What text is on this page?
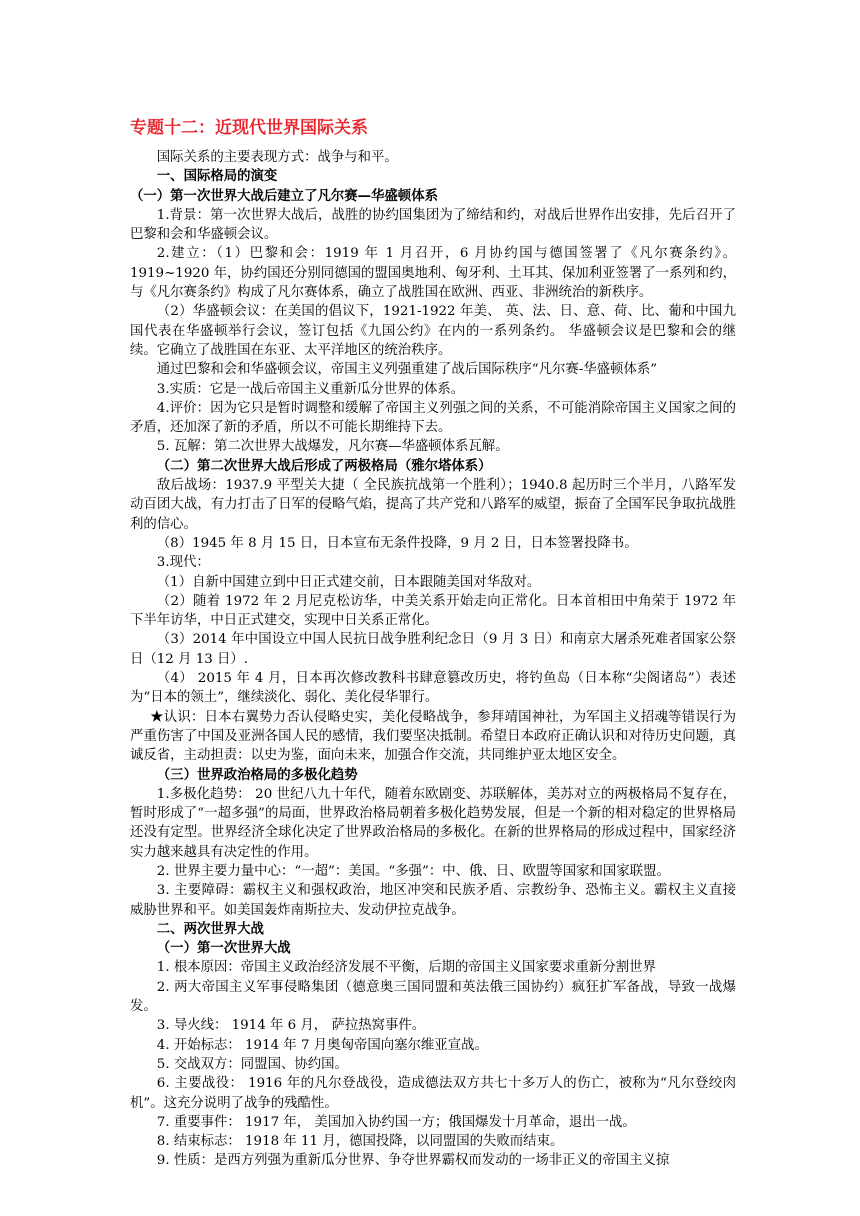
专题十二：近现代世界国际关系

国际关系的主要表现方式：战争与和平。

一、国际格局的演变

（一）第一次世界大战后建立了凡尔赛—华盛顿体系

1.背景：第一次世界大战后，战胜的协约国集团为了缔结和约，对战后世界作出安排，先后召开了巴黎和会和华盛顿会议。

2.建立：（1）巴黎和会：1919 年 1 月召开，6 月协约国与德国签署了《凡尔赛条约》。1919~1920 年，协约国还分别同德国的盟国奥地利、匈牙利、土耳其、保加利亚签署了一系列和约，与《凡尔赛条约》构成了凡尔赛体系，确立了战胜国在欧洲、西亚、非洲统治的新秩序。

（2）华盛顿会议：在美国的倡议下，1921-1922 年美、 英、法、日、意、荷、比、葡和中国九国代表在华盛顿举行会议，签订包括《九国公约》在内的一系列条约。 华盛顿会议是巴黎和会的继续。它确立了战胜国在东亚、太平洋地区的统治秩序。

通过巴黎和会和华盛顿会议，帝国主义列强重建了战后国际秩序“凡尔赛-华盛顿体系”

3.实质：它是一战后帝国主义重新瓜分世界的体系。

4.评价：因为它只是暂时调整和缓解了帝国主义列强之间的关系，不可能消除帝国主义国家之间的矛盾，还加深了新的矛盾，所以不可能长期维持下去。

5. 瓦解：第二次世界大战爆发，凡尔赛—华盛顿体系瓦解。

（二）第二次世界大战后形成了两极格局（雅尔塔体系）

敌后战场：1937.9 平型关大捷（ 全民族抗战第一个胜利）；1940.8 起历时三个半月，八路军发动百团大战，有力打击了日军的侵略气焰，提高了共产党和八路军的威望，振奋了全国军民争取抗战胜利的信心。

（8）1945 年 8 月 15 日，日本宣布无条件投降，9 月 2 日，日本签署投降书。

3.现代：

（1）自新中国建立到中日正式建交前，日本跟随美国对华敌对。

（2）随着 1972 年 2 月尼克松访华，中美关系开始走向正常化。日本首相田中角荣于 1972 年下半年访华，中日正式建交，实现中日关系正常化。

（3）2014 年中国设立中国人民抗日战争胜利纪念日（9 月 3 日）和南京大屠杀死难者国家公祭日（12 月 13 日）.

（4） 2015 年 4 月，日本再次修改教科书肆意篡改历史，将钓鱼岛（日本称“尖阁诸岛”）表述为“日本的领土”，继续淡化、弱化、美化侵华罪行。

★认识：日本右翼势力否认侵略史实，美化侵略战争，参拜靖国神社，为军国主义招魂等错误行为严重伤害了中国及亚洲各国人民的感情，我们要坚决抵制。希望日本政府正确认识和对待历史问题，真诚反省，主动担责：以史为鉴，面向未来，加强合作交流，共同维护亚太地区安全。

（三）世界政治格局的多极化趋势

1.多极化趋势： 20 世纪八九十年代，随着东欧剧变、苏联解体，美苏对立的两极格局不复存在，暂时形成了“一超多强”的局面，世界政治格局朝着多极化趋势发展，但是一个新的相对稳定的世界格局还没有定型。世界经济全球化决定了世界政治格局的多极化。在新的世界格局的形成过程中，国家经济实力越来越具有决定性的作用。

2. 世界主要力量中心：“一超”：美国。“多强”：中、俄、日、欧盟等国家和国家联盟。

3. 主要障碍：霸权主义和强权政治，地区冲突和民族矛盾、宗教纷争、恐怖主义。霸权主义直接威胁世界和平。如美国轰炸南斯拉夫、发动伊拉克战争。

二、两次世界大战

（一）第一次世界大战

1. 根本原因：帝国主义政治经济发展不平衡，后期的帝国主义国家要求重新分割世界

2. 两大帝国主义军事侵略集团（德意奥三国同盟和英法俄三国协约）疯狂扩军备战，导致一战爆发。

3. 导火线： 1914 年 6 月， 萨拉热窝事件。

4. 开始标志： 1914 年 7 月奥匈帝国向塞尔维亚宣战。

5. 交战双方：同盟国、协约国。

6. 主要战役： 1916 年的凡尔登战役，造成德法双方共七十多万人的伤亡，被称为“凡尔登绞肉机”。这充分说明了战争的残酷性。

7. 重要事件： 1917 年， 美国加入协约国一方；俄国爆发十月革命，退出一战。

8. 结束标志： 1918 年 11 月，德国投降，以同盟国的失败而结束。

9. 性质：是西方列强为重新瓜分世界、争夺世界霸权而发动的一场非正义的帝国主义掠
